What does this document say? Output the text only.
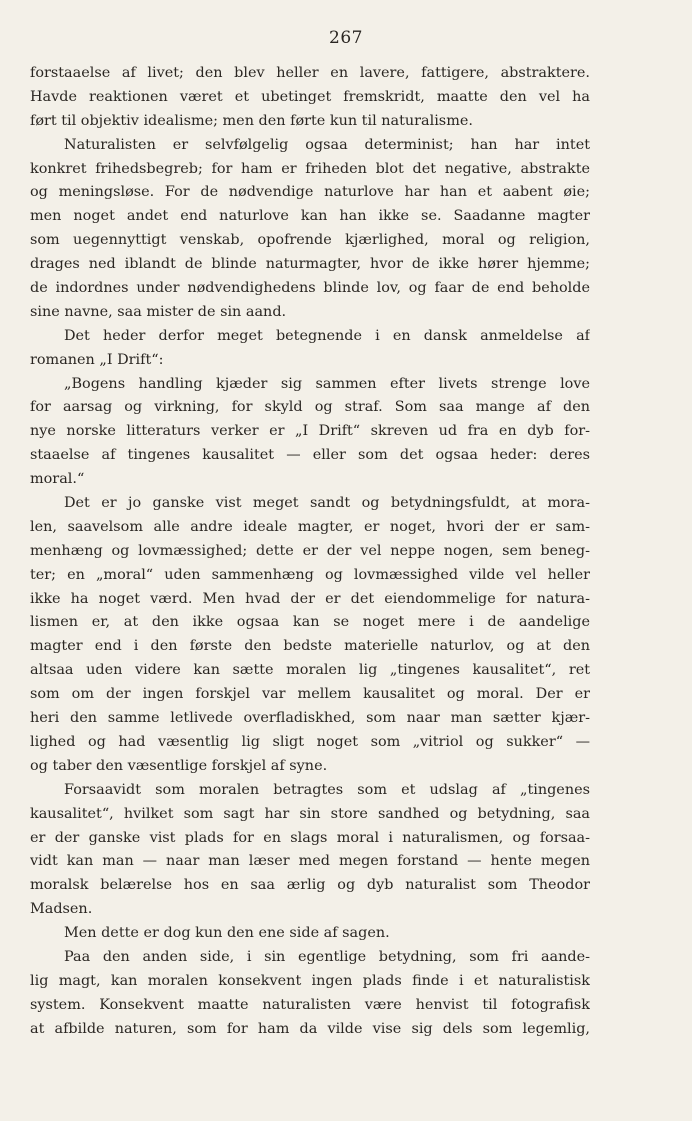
267
forstaaelse af livet; den blev heller en lavere, fattigere, abstraktere.
Havde reaktionen været et ubetinget fremskridt, maatte den vel ha
ført til objektiv idealisme; men den førte kun til naturalisme.
Naturalisten er selvfølgelig ogsaa determinist; han har intet
konkret frihedsbegreb; for ham er friheden blot det negative, abstrakte
og meningsløse. For de nødvendige naturlove har han et aabent øie;
men noget andet end naturlove kan han ikke se. Saadanne magter
som uegennyttigt venskab, opofrende kjærlighed, moral og religion,
drages ned iblandt de blinde naturmagter, hvor de ikke hører hjemme;
de indordnes under nødvendighedens blinde lov, og faar de end beholde
sine navne, saa mister de sin aand.
Det heder derfor meget betegnende i en dansk anmeldelse af
romanen „I Drift“:
„Bogens handling kjæder sig sammen efter livets strenge love
for aarsag og virkning, for skyld og straf. Som saa mange af den
nye norske litteraturs verker er „I Drift“ skreven ud fra en dyb for-
staaelse af tingenes kausalitet — eller som det ogsaa heder: deres
moral.“
Det er jo ganske vist meget sandt og betydningsfuldt, at mora-
len, saavelsom alle andre ideale magter, er noget, hvori der er sam-
menhæng og lovmæssighed; dette er der vel neppe nogen, sem beneg-
ter; en „moral“ uden sammenhæng og lovmæssighed vilde vel heller
ikke ha noget værd. Men hvad der er det eiendommelige for natura-
lismen er, at den ikke ogsaa kan se noget mere i de aandelige
magter end i den første den bedste materielle naturlov, og at den
altsaa uden videre kan sætte moralen lig „tingenes kausalitet“, ret
som om der ingen forskjel var mellem kausalitet og moral. Der er
heri den samme letlivede overfladiskhed, som naar man sætter kjær-
lighed og had væsentlig lig sligt noget som „vitriol og sukker“ —
og taber den væsentlige forskjel af syne.
Forsaavidt som moralen betragtes som et udslag af „tingenes
kausalitet“, hvilket som sagt har sin store sandhed og betydning, saa
er der ganske vist plads for en slags moral i naturalismen, og forsaa-
vidt kan man — naar man læser med megen forstand — hente megen
moralsk belærelse hos en saa ærlig og dyb naturalist som Theodor
Madsen.
Men dette er dog kun den ene side af sagen.
Paa den anden side, i sin egentlige betydning, som fri aande-
lig magt, kan moralen konsekvent ingen plads finde i et naturalistisk
system. Konsekvent maatte naturalisten være henvist til fotografisk
at afbilde naturen, som for ham da vilde vise sig dels som legemlig,
